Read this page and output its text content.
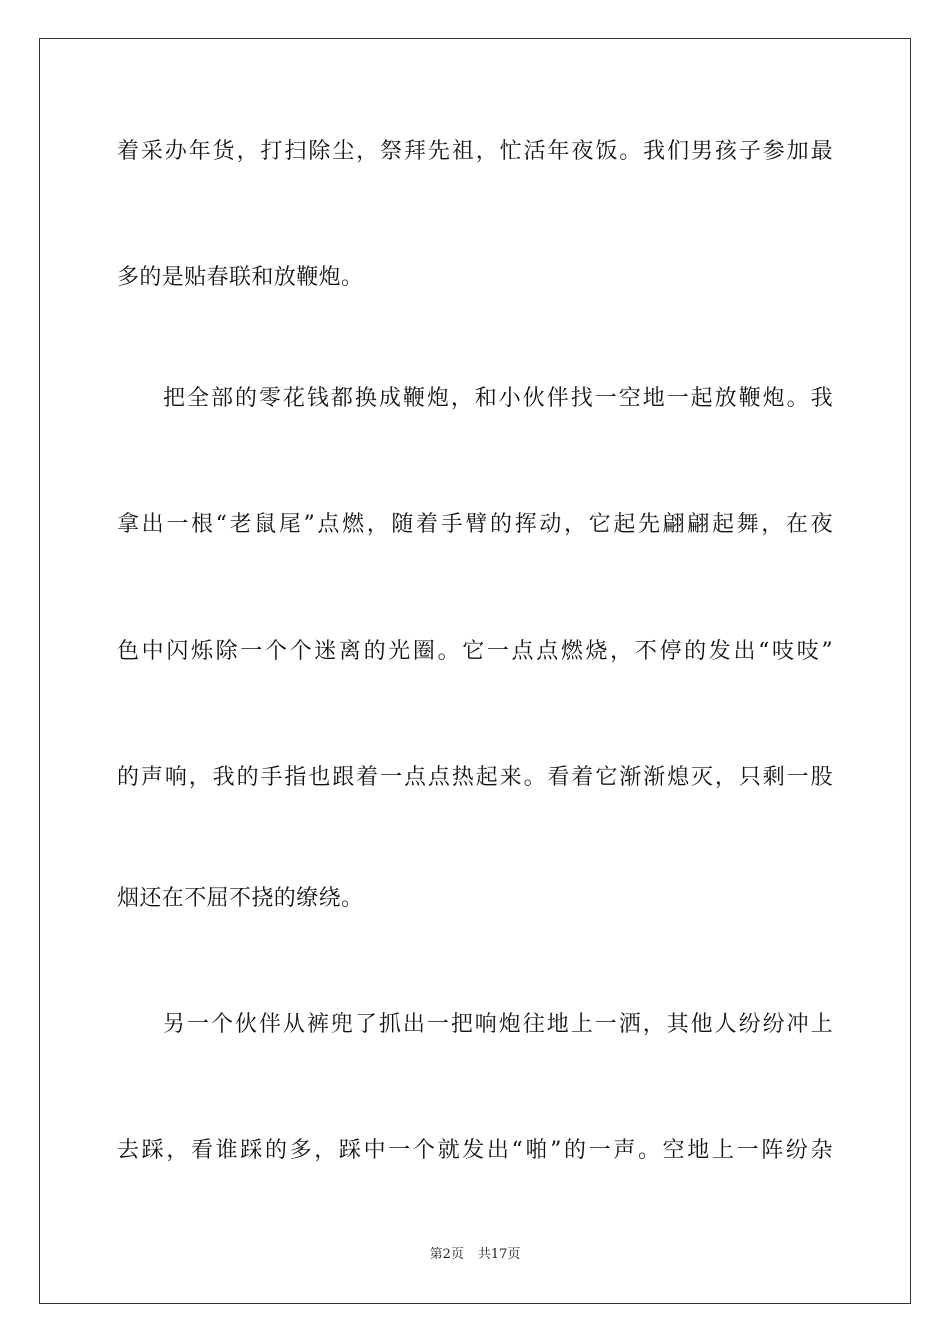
着采办年货，打扫除尘，祭拜先祖，忙活年夜饭。我们男孩子参加最
多的是贴春联和放鞭炮。
把全部的零花钱都换成鞭炮，和小伙伴找一空地一起放鞭炮。我
拿出一根“老鼠尾”点燃，随着手臂的挥动，它起先翩翩起舞，在夜
色中闪烁除一个个迷离的光圈。它一点点燃烧，不停的发出“吱吱”
的声响，我的手指也跟着一点点热起来。看着它渐渐熄灭，只剩一股
烟还在不屈不挠的缭绕。
另一个伙伴从裤兜了抓出一把响炮往地上一洒，其他人纷纷冲上
去踩，看谁踩的多，踩中一个就发出“啪”的一声。空地上一阵纷杂
第2页 共17页
